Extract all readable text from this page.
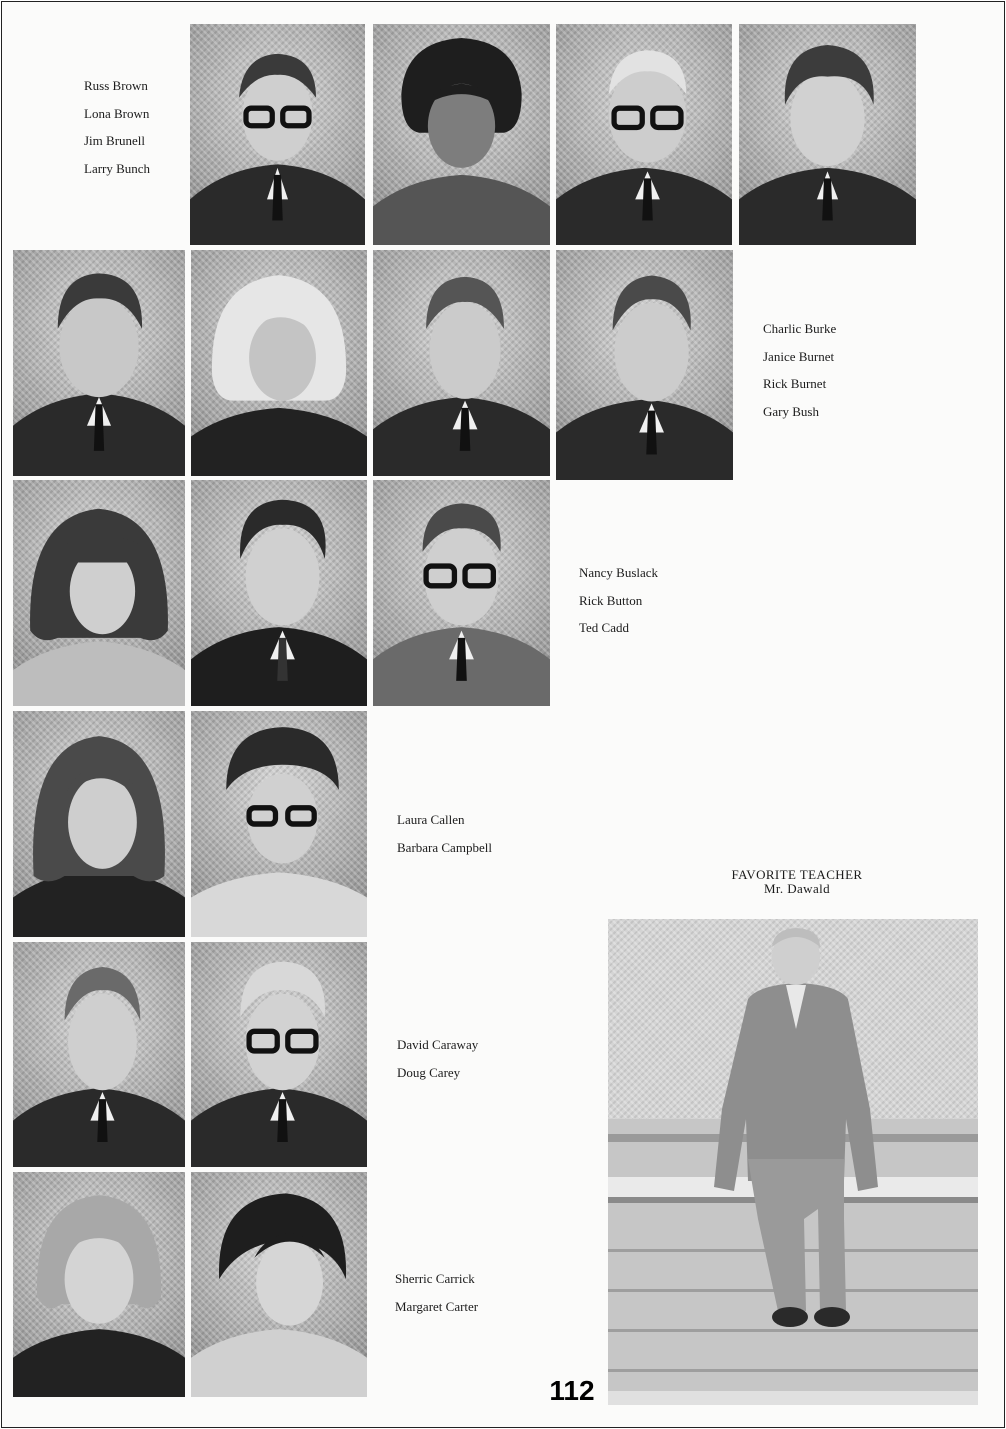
Russ Brown
Lona Brown
Jim Brunell
Larry Bunch
Charlic Burke
Janice Burnet
Rick Burnet
Gary Bush
Nancy Buslack
Rick Button
Ted Cadd
Laura Callen
Barbara Campbell
David Caraway
Doug Carey
Sherric Carrick
Margaret Carter
FAVORITE TEACHER
Mr. Dawald
112
